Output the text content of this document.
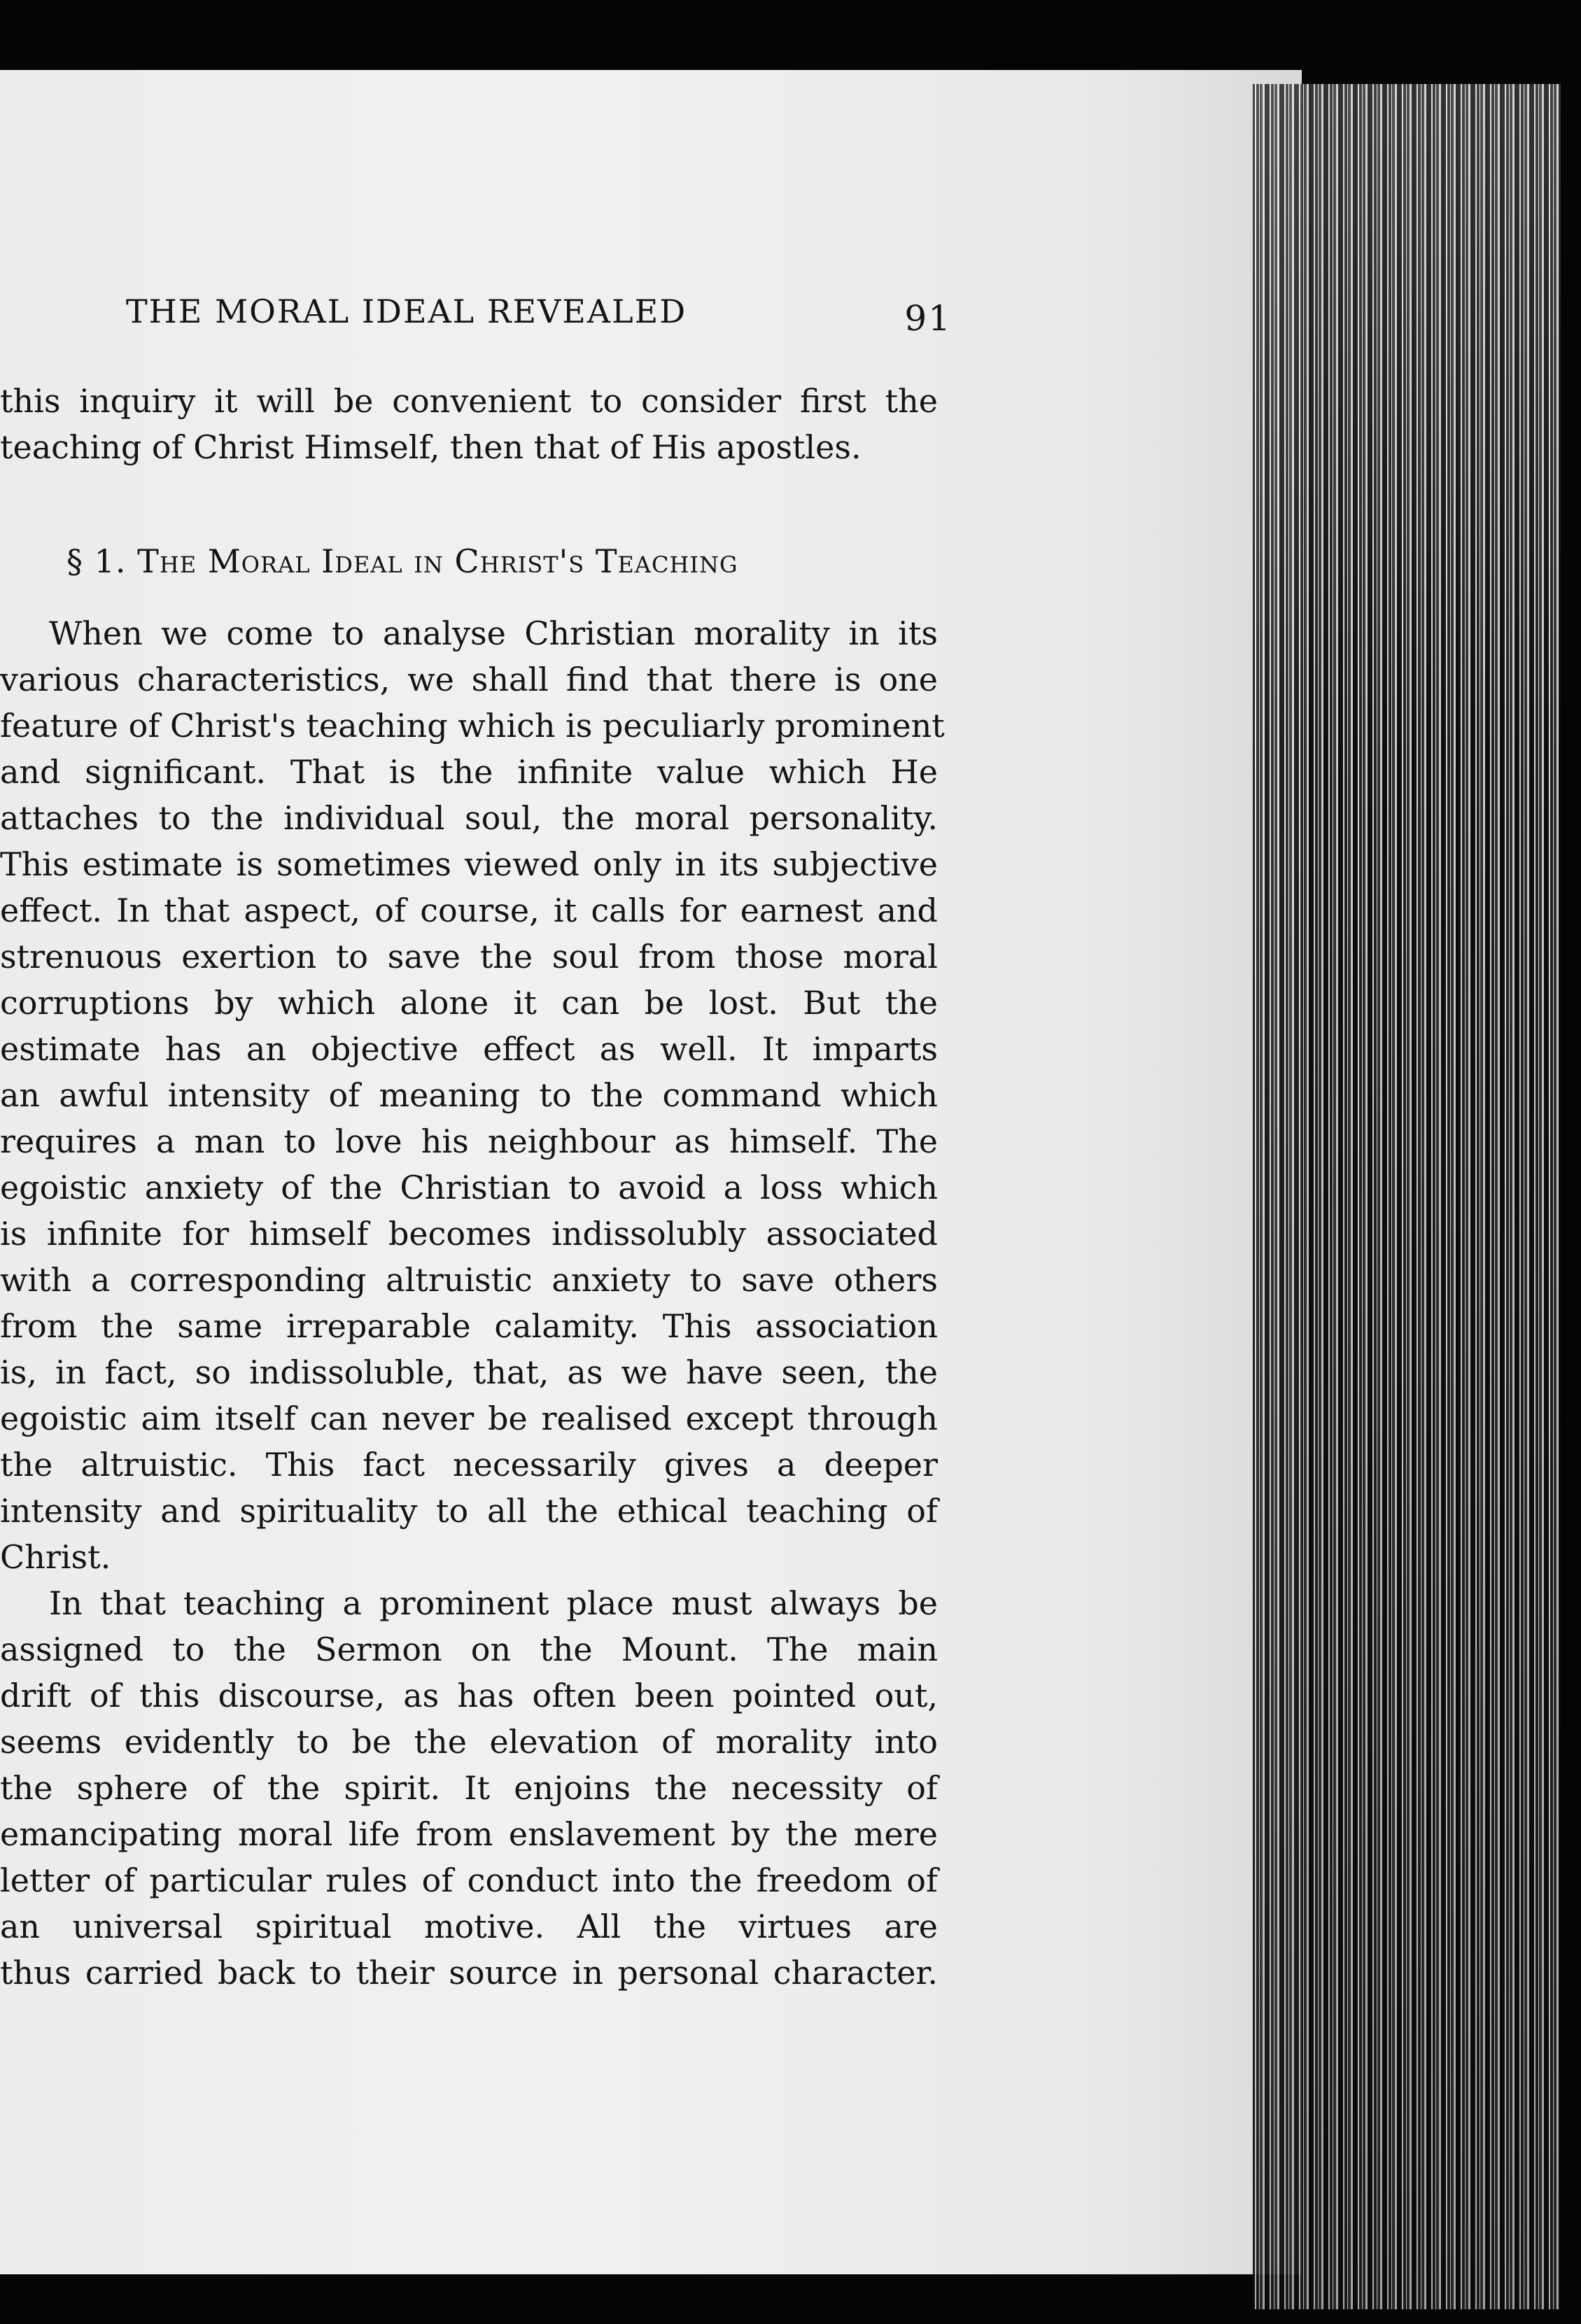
THE MORAL IDEAL REVEALED	91
this inquiry it will be convenient to consider first the
teaching of Christ Himself, then that of His apostles.
§ 1. The Moral Ideal in Christ's Teaching
When we come to analyse Christian morality in its
various characteristics, we shall find that there is one
feature of Christ's teaching which is peculiarly prominent
and significant. That is the infinite value which He
attaches to the individual soul, the moral personality.
This estimate is sometimes viewed only in its subjective
effect. In that aspect, of course, it calls for earnest and
strenuous exertion to save the soul from those moral
corruptions by which alone it can be lost. But the
estimate has an objective effect as well. It imparts
an awful intensity of meaning to the command which
requires a man to love his neighbour as himself. The
egoistic anxiety of the Christian to avoid a loss which
is infinite for himself becomes indissolubly associated
with a corresponding altruistic anxiety to save others
from the same irreparable calamity. This association
is, in fact, so indissoluble, that, as we have seen, the
egoistic aim itself can never be realised except through
the altruistic. This fact necessarily gives a deeper
intensity and spirituality to all the ethical teaching of
Christ.
In that teaching a prominent place must always be
assigned to the Sermon on the Mount. The main
drift of this discourse, as has often been pointed out,
seems evidently to be the elevation of morality into
the sphere of the spirit. It enjoins the necessity of
emancipating moral life from enslavement by the mere
letter of particular rules of conduct into the freedom of
an universal spiritual motive. All the virtues are
thus carried back to their source in personal character.
